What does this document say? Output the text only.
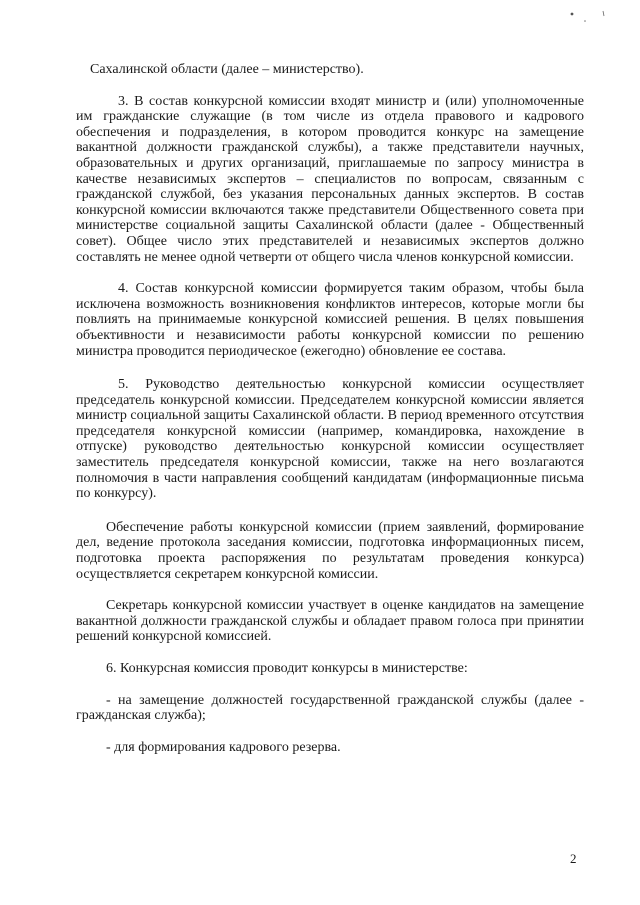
Сахалинской области (далее – министерство).

3. В состав конкурсной комиссии входят министр и (или) уполномоченные им гражданские служащие (в том числе из отдела правового и кадрового обеспечения и подразделения, в котором проводится конкурс на замещение вакантной должности гражданской службы), а также представители научных, образовательных и других организаций, приглашаемые по запросу министра в качестве независимых экспертов – специалистов по вопросам, связанным с гражданской службой, без указания персональных данных экспертов. В состав конкурсной комиссии включаются также представители Общественного совета при министерстве социальной защиты Сахалинской области (далее - Общественный совет). Общее число этих представителей и независимых экспертов должно составлять не менее одной четверти от общего числа членов конкурсной комиссии.

4. Состав конкурсной комиссии формируется таким образом, чтобы была исключена возможность возникновения конфликтов интересов, которые могли бы повлиять на принимаемые конкурсной комиссией решения. В целях повышения объективности и независимости работы конкурсной комиссии по решению министра проводится периодическое (ежегодно) обновление ее состава.

5. Руководство деятельностью конкурсной комиссии осуществляет председатель конкурсной комиссии. Председателем конкурсной комиссии является министр социальной защиты Сахалинской области. В период временного отсутствия председателя конкурсной комиссии (например, командировка, нахождение в отпуске) руководство деятельностью конкурсной комиссии осуществляет заместитель председателя конкурсной комиссии, также на него возлагаются полномочия в части направления сообщений кандидатам (информационные письма по конкурсу).

Обеспечение работы конкурсной комиссии (прием заявлений, формирование дел, ведение протокола заседания комиссии, подготовка информационных писем, подготовка проекта распоряжения по результатам проведения конкурса) осуществляется секретарем конкурсной комиссии.

Секретарь конкурсной комиссии участвует в оценке кандидатов на замещение вакантной должности гражданской службы и обладает правом голоса при принятии решений конкурсной комиссией.

6. Конкурсная комиссия проводит конкурсы в министерстве:

- на замещение должностей государственной гражданской службы (далее - гражданская служба);

- для формирования кадрового резерва.

2
